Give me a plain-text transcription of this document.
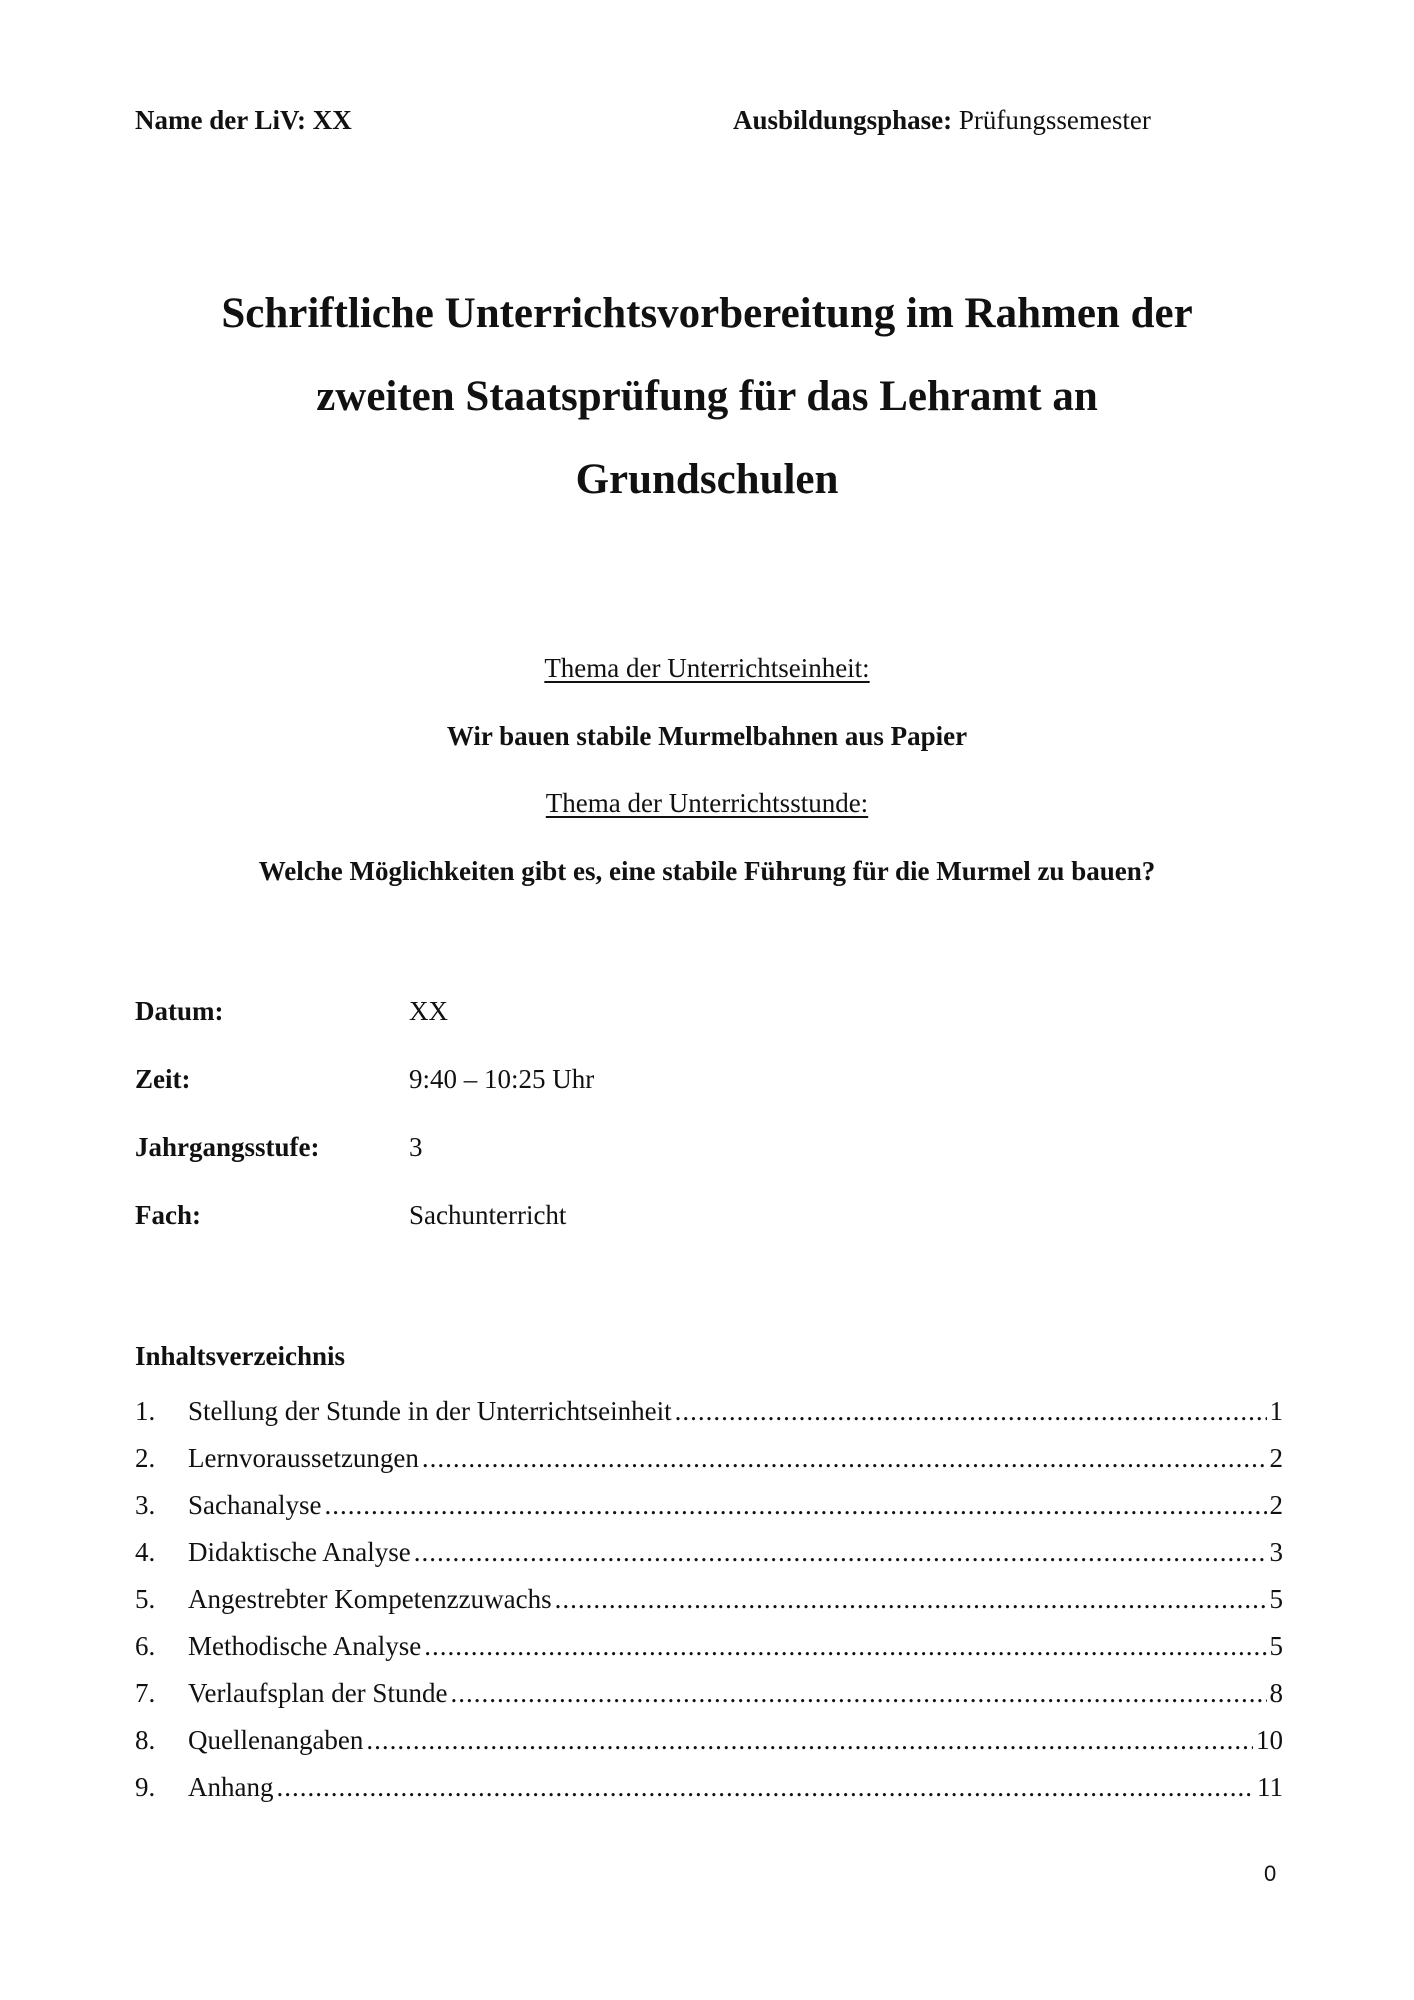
Name der LiV: XX	Ausbildungsphase: Prüfungssemester
Schriftliche Unterrichtsvorbereitung im Rahmen der
zweiten Staatsprüfung für das Lehramt an
Grundschulen
Thema der Unterrichtseinheit:
Wir bauen stabile Murmelbahnen aus Papier
Thema der Unterrichtsstunde:
Welche Möglichkeiten gibt es, eine stabile Führung für die Murmel zu bauen?
Datum:	XX
Zeit:	9:40 – 10:25 Uhr
Jahrgangsstufe:	3
Fach:	Sachunterricht
Inhaltsverzeichnis
1.	Stellung der Stunde in der Unterrichtseinheit .....	1
2.	Lernvoraussetzungen .....	2
3.	Sachanalyse .....	2
4.	Didaktische Analyse .....	3
5.	Angestrebter Kompetenzzuwachs .....	5
6.	Methodische Analyse .....	5
7.	Verlaufsplan der Stunde .....	8
8.	Quellenangaben .....	10
9.	Anhang .....	11
0
